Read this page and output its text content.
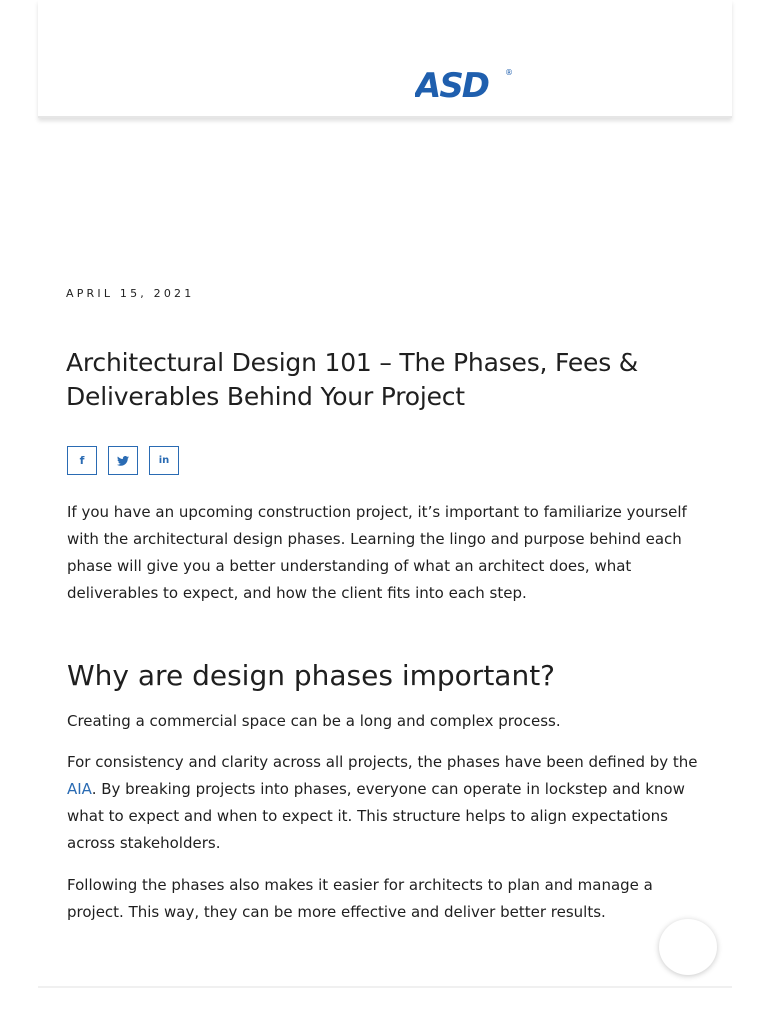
ASD ®
APRIL 15, 2021
Architectural Design 101 – The Phases, Fees & Deliverables Behind Your Project
f	in

If you have an upcoming construction project, it’s important to familiarize yourself with the architectural design phases. Learning the lingo and purpose behind each phase will give you a better understanding of what an architect does, what deliverables to expect, and how the client fits into each step.

Why are design phases important?

Creating a commercial space can be a long and complex process.

For consistency and clarity across all projects, the phases have been defined by the AIA. By breaking projects into phases, everyone can operate in lockstep and know what to expect and when to expect it. This structure helps to align expectations across stakeholders.

Following the phases also makes it easier for architects to plan and manage a project. This way, they can be more effective and deliver better results.
